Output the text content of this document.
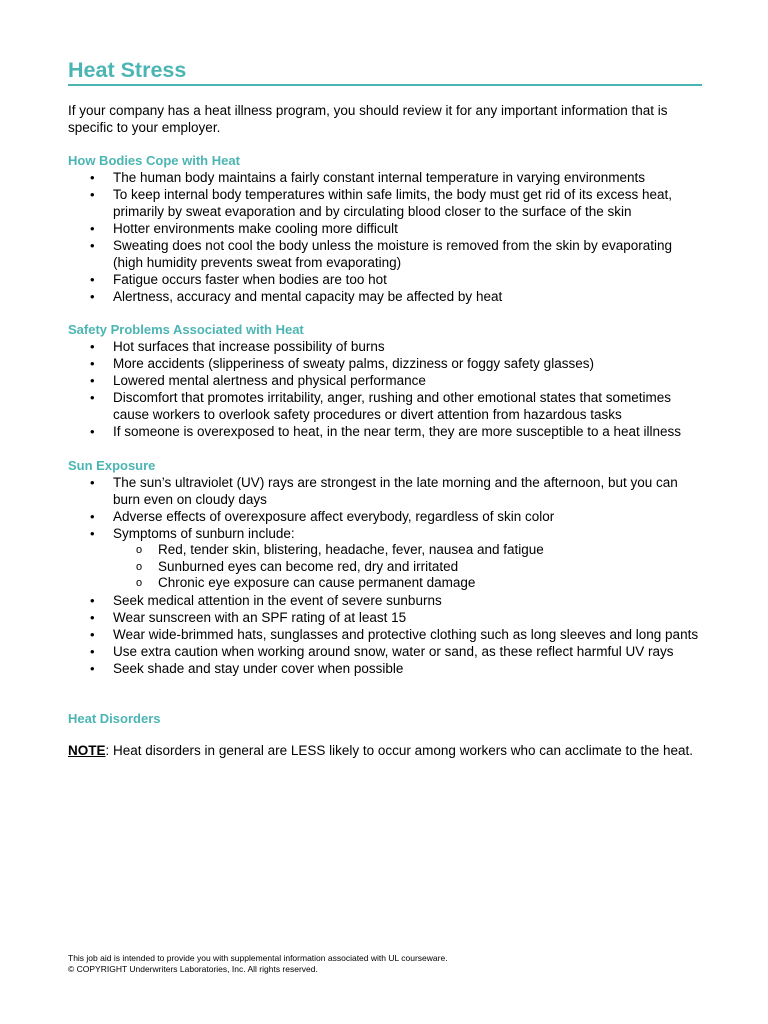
Heat Stress

If your company has a heat illness program, you should review it for any important information that is specific to your employer.

How Bodies Cope with Heat
•	The human body maintains a fairly constant internal temperature in varying environments
•	To keep internal body temperatures within safe limits, the body must get rid of its excess heat, primarily by sweat evaporation and by circulating blood closer to the surface of the skin
•	Hotter environments make cooling more difficult
•	Sweating does not cool the body unless the moisture is removed from the skin by evaporating (high humidity prevents sweat from evaporating)
•	Fatigue occurs faster when bodies are too hot
•	Alertness, accuracy and mental capacity may be affected by heat
Safety Problems Associated with Heat
•	Hot surfaces that increase possibility of burns
•	More accidents (slipperiness of sweaty palms, dizziness or foggy safety glasses)
•	Lowered mental alertness and physical performance
•	Discomfort that promotes irritability, anger, rushing and other emotional states that sometimes cause workers to overlook safety procedures or divert attention from hazardous tasks
•	If someone is overexposed to heat, in the near term, they are more susceptible to a heat illness
Sun Exposure
•	The sun’s ultraviolet (UV) rays are strongest in the late morning and the afternoon, but you can burn even on cloudy days
•	Adverse effects of overexposure affect everybody, regardless of skin color
•	Symptoms of sunburn include:
o Red, tender skin, blistering, headache, fever, nausea and fatigue
o Sunburned eyes can become red, dry and irritated
o Chronic eye exposure can cause permanent damage
•	Seek medical attention in the event of severe sunburns
•	Wear sunscreen with an SPF rating of at least 15
•	Wear wide-brimmed hats, sunglasses and protective clothing such as long sleeves and long pants
•	Use extra caution when working around snow, water or sand, as these reflect harmful UV rays
•	Seek shade and stay under cover when possible
Heat Disorders

NOTE: Heat disorders in general are LESS likely to occur among workers who can acclimate to the heat.

This job aid is intended to provide you with supplemental information associated with UL courseware.
© COPYRIGHT Underwriters Laboratories, Inc. All rights reserved.
